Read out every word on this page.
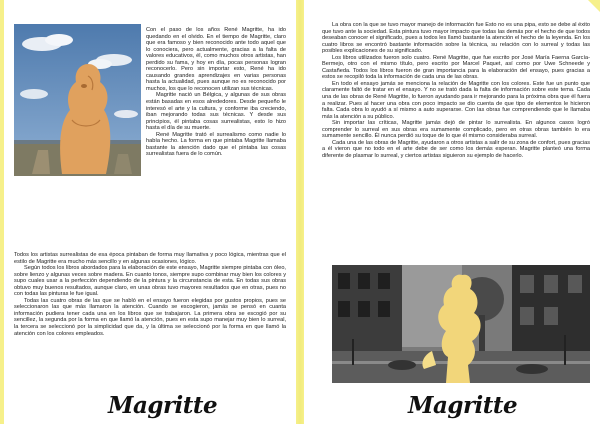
Con el paso de los años René Magritte, ha ido quedando en el olvido. En el tiempo de Magritte, claro que era famoso y bien reconocido ante todo aquel que lo conociera, pero actualmente, gracias a la falta de valores educativos, él, como muchos otros artistas, han perdido su fama, y hoy en día, pocas personas logran reconocerlo. Pero sin importar esto, René ha ido causando grandes aprendizajes en varias personas hasta la actualidad, pues aunque no es reconocido por muchos, los que lo reconocen utilizan sus técnicas.

Magritte nació un Bélgica, y algunas de sus obras están basadas en esos alrededores. Desde pequeño le interesó el arte y la cultura, y conforme iba creciendo, iban mejorando todas sus técnicas. Y desde sus principios, él pintaba cosas surrealistas, esto lo hizo hasta el día de su muerte.

René Magritte trató el surrealismo como nadie lo había hecho. La forma en que pintaba Magritte llamaba bastante la atención dado que el pintaba las cosas surrealistas fuera de lo común.

Todos los artistas surrealistas de esa época pintaban de forma muy llamativa y poco lógica, mientras que el estilo de Magritte era mucho más sencillo y en algunas ocasiones, lógico.

Según todos los libros abordados para la elaboración de este ensayo, Magritte siempre pintaba con óleo, sobre lienzo y algunas veces sobre madera. En cuanto tonos, siempre supo combinar muy bien los colores y supo cuales usar a la perfección dependiendo de la pintura y la circunstancia de esta. En todas sus obras obtuvo muy buenos resultados, aunque claro, en unas obras tuvo mayores resultados que en otras, pues no con todas las pinturas le fue igual.

Todas las cuatro obras de las que se habló en el ensayo fueron elegidas por gustos propios, pues se seleccionaron las que más llamaron la atención. Cuando se escogieron, jamás se pensó en cuanta información pudiera tener cada una en los libros que se trabajaron. La primera obra se escogió por su sencillez, la segunda por la forma en que llamó la atención, pues en esta supo manejar muy bien lo surreal, la tercera se seleccionó por la simplicidad que da, y la última se seleccionó por la forma en que llamó la atención con los colores empleados.

Magritte

La obra con la que se tuvo mayor manejo de información fue Esto no es una pipa, esto se debe al éxito que tuvo ante la sociedad. Esta pintura tuvo mayor impacto que todas las demás por el hecho de que todos deseaban conocer el significado, pues a todos les llamó bastante la atención el hecho de la leyenda. En los cuatro libros se encontró bastante información sobre la técnica, su relación con lo surreal y todas las posibles explicaciones de su significado.

Los libros utilizados fueron solo cuatro. René Magritte, que fue escrito por José María Faerna García-Bermejo, otro con el mismo título, pero escrito por Marcel Paquet, así como por Uwe Schneede y Castañeda. Todos los libros fueron de gran importancia para la elaboración del ensayo, pues gracias a estos se recopiló toda la información de cada una de las obras.

En todo el ensayo jamás se menciona la relación de Magritte con los colores. Este fue un punto que claramente faltó de tratar en el ensayo. Y no se trató dada la falta de información sobre este tema. Cada una de las obras de René Magritte, lo fueron ayudando para ir mejorando para la próxima obra que él fuera a realizar. Pues al hacer una obra con poco impacto se dio cuenta de que tipo de elementos le hicieron falta. Cada obra lo ayudó a sí mismo a auto superarse. Con las obras fue comprendiendo que le llamaba más la atención a su público.

Sin importar las críticas, Magritte jamás dejó de pintar lo surrealista. En algunos casos logró comprender lo surreal en sus obras era sumamente complicado, pero en otras obras también lo era sumamente sencillo. Él nunca perdió su toque de lo que él mismo consideraba surreal.

Cada una de las obras de Magritte, ayudaron a otros artistas a salir de su zona de confort, pues gracias a él vieron que no todo en el arte debe de ser como los demás esperan. Magritte planteó una forma diferente de plasmar lo surreal, y ciertos artistas siguieron su ejemplo de hacerlo.

Magritte
